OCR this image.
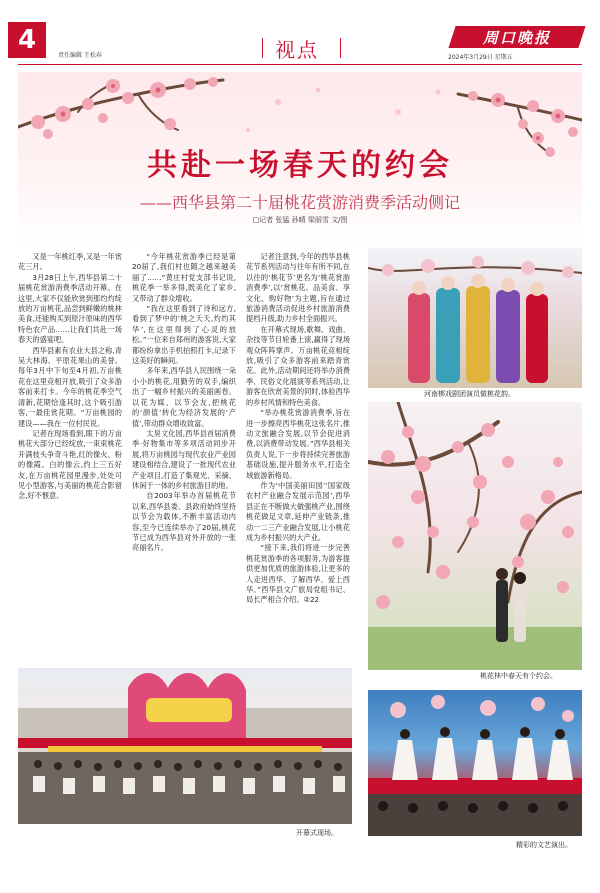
4
责任编辑 王松春	视点	周口晚报
2024年3月29日 星期五
共赴一场春天的约会
——西华县第二十届桃花赏游消费季活动侧记
□记者 张猛 孙晴 梁丽雪 文/图

又是一年桃红季,又是一年赏花三月。

3月28日上午,西华县第二十届桃花赏游消费季活动开幕。在这里,大家不仅能欣赏到那灼灼绽放的万亩桃花,品尝到鲜嫩的桃林美食,还能购买到原汁原味的西华特色农产品……让我们共赴一场春天的盛宴吧。

西华县素有农业大县之称,青吴大林海、平原花果山的美誉。每年3月中下旬至4月初,万亩桃花在这里竞相开放,吸引了众多游客前来打卡。今年的桃花季空气清新,花期恰逢其时,这个吸引游客,一最佳赏花期。“万亩桃园的建设——我在一位村民说。

记者在现场看到,眼下的万亩桃花大部分已经绽放,一束束桃花开满枝头争奇斗艳,红的像火、粉的像霞、白的像云,约上三五好友,在万亩桃花园里漫步,处处可见小型游客,与美丽的桃花合影留念,好不惬意。

“今年桃花赏游季已经是第20届了,我们村也随之越来越美丽了……”黄庄村党支部书记说,桃花季一举多得,既美化了家乡,又带动了群众增收。

“我在这里看到了诗和远方,看到了梦中的‘桃之夭夭,灼灼其华’,在这里得到了心灵的放松。”一位来自郑州的游客说,大家都纷纷拿出手机拍照打卡,记录下这美好的瞬间。

多年来,西华县人民围绕一朵小小的桃花,用勤劳的双手,编织出了一幅乡村振兴的美丽画卷。以花为媒、以节会友,把桃花的‘颜值’转化为经济发展的‘产值’,带动群众增收致富。

太昊文化园,西华县首届消费季·好物集市等多项活动同步开展,将万亩桃园与现代农业产业园建设相结合,建设了一批现代农业产业项目,打造了集观光、采摘、休闲于一体的乡村旅游目的地。

自2003年举办首届桃花节以来,西华县委、县政府始终坚持以节会为载体,不断丰富活动内容,至今已连续举办了20届,桃花节已成为西华县对外开放的一张亮丽名片。

记者注意到,今年的西华县桃花节系列活动与往年有所不同,在以往的‘桃花节’更名为‘桃花赏游消费季’,以‘赏桃花、品美食、享文化、购好物’为主题,旨在通过旅游消费活动促进乡村旅游消费提档升级,助力乡村全面振兴。

在开幕式现场,歌舞、戏曲、杂技等节目轮番上演,赢得了现场观众阵阵掌声。万亩桃花竞相绽放,吸引了众多游客前来踏青赏花。此外,活动期间还将举办消费季、民俗文化展演等系列活动,让游客在欣赏美景的同时,体验西华的乡村风情和特色美食。

“举办桃花赏游消费季,旨在进一步擦亮西华桃花这张名片,推动文旅融合发展,以节会促进消费,以消费带动发展。”西华县相关负责人说,下一步将持续完善旅游基础设施,提升服务水平,打造全域旅游新格局。

作为‘中国美丽田园’‘国家级农村产业融合发展示范园’,西华县正在不断做大做强桃产业,围绕桃花做足文章,延伸产业链条,推动一二三产业融合发展,让小桃花成为乡村振兴的大产业。

“接下来,我们将进一步完善桃花赏游季的各项服务,为游客提供更加优质的旅游体验,让更多的人走进西华、了解西华、爱上西华。”西华县文广旅局党组书记、局长严相合介绍。②22

河南梆戏剧团演员做桃花韵。
桃花林中春天有个约会。
开幕式现场。
精彩的文艺演出。
